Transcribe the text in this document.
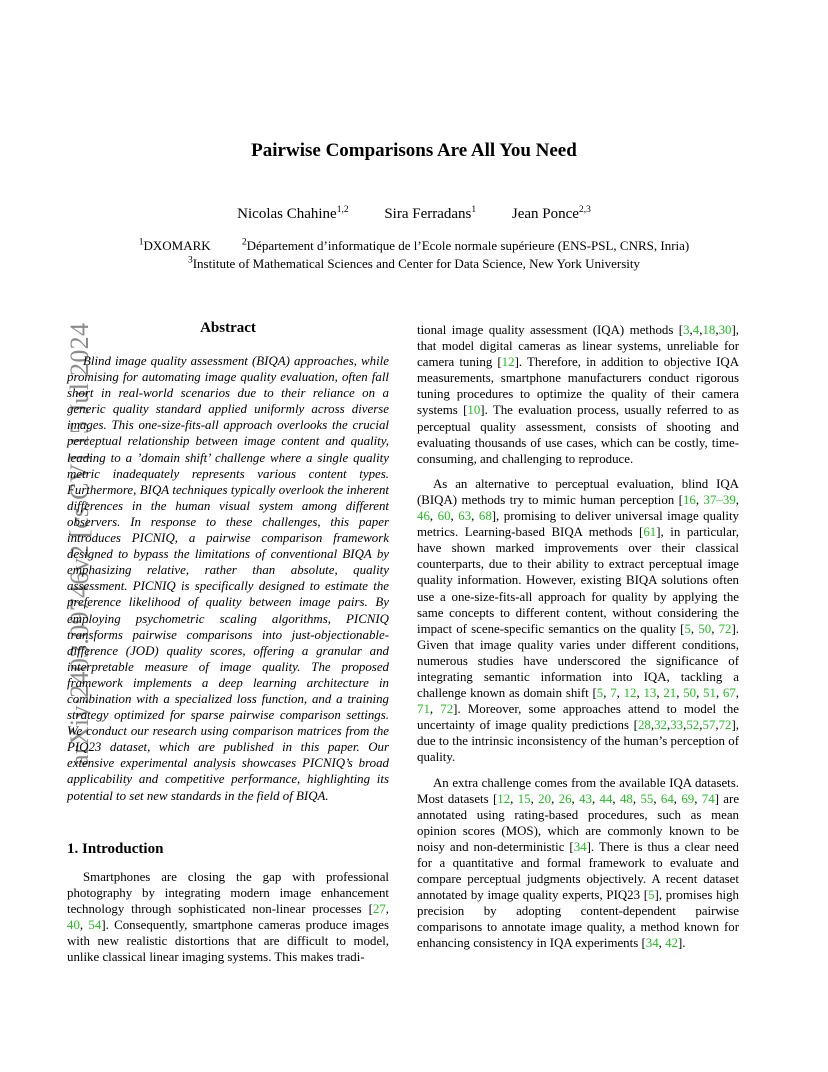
arXiv:2403.09746v2 [cs.CV] 15 Jul 2024
Pairwise Comparisons Are All You Need
Nicolas Chahine$^{1,2}$ Sira Ferradans$^1$ Jean Ponce$^{2,3}$
$^1$DXOMARK	$^2$Département d’informatique de l’Ecole normale supérieure (ENS-PSL, CNRS, Inria)
$^3$Institute of Mathematical Sciences and Center for Data Science, New York University
Abstract

Blind image quality assessment (BIQA) approaches, while promising for automating image quality evaluation, often fall short in real-world scenarios due to their reliance on a generic quality standard applied uniformly across diverse images. This one-size-fits-all approach overlooks the crucial perceptual relationship between image content and quality, leading to a ’domain shift’ challenge where a single quality metric inadequately represents various content types. Furthermore, BIQA techniques typically overlook the inherent differences in the human visual system among different observers. In response to these challenges, this paper introduces PICNIQ, a pairwise comparison framework designed to bypass the limitations of conventional BIQA by emphasizing relative, rather than absolute, quality assessment. PICNIQ is specifically designed to estimate the preference likelihood of quality between image pairs. By employing psychometric scaling algorithms, PICNIQ transforms pairwise comparisons into just-objectionable-difference (JOD) quality scores, offering a granular and interpretable measure of image quality. The proposed framework implements a deep learning architecture in combination with a specialized loss function, and a training strategy optimized for sparse pairwise comparison settings. We conduct our research using comparison matrices from the PIQ23 dataset, which are published in this paper. Our extensive experimental analysis showcases PICNIQ’s broad applicability and competitive performance, highlighting its potential to set new standards in the field of BIQA.

1. Introduction

Smartphones are closing the gap with professional photography by integrating modern image enhancement technology through sophisticated non-linear processes [27, 40, 54]. Consequently, smartphone cameras produce images with new realistic distortions that are difficult to model, unlike classical linear imaging systems. This makes tradi-

tional image quality assessment (IQA) methods [3,4,18,30], that model digital cameras as linear systems, unreliable for camera tuning [12]. Therefore, in addition to objective IQA measurements, smartphone manufacturers conduct rigorous tuning procedures to optimize the quality of their camera systems [10]. The evaluation process, usually referred to as perceptual quality assessment, consists of shooting and evaluating thousands of use cases, which can be costly, time-consuming, and challenging to reproduce.

As an alternative to perceptual evaluation, blind IQA (BIQA) methods try to mimic human perception [16, 37–39, 46, 60, 63, 68], promising to deliver universal image quality metrics. Learning-based BIQA methods [61], in particular, have shown marked improvements over their classical counterparts, due to their ability to extract perceptual image quality information. However, existing BIQA solutions often use a one-size-fits-all approach for quality by applying the same concepts to different content, without considering the impact of scene-specific semantics on the quality [5, 50, 72]. Given that image quality varies under different conditions, numerous studies have underscored the significance of integrating semantic information into IQA, tackling a challenge known as domain shift [5, 7, 12, 13, 21, 50, 51, 67, 71, 72]. Moreover, some approaches attend to model the uncertainty of image quality predictions [28,32,33,52,57,72], due to the intrinsic inconsistency of the human’s perception of quality.

An extra challenge comes from the available IQA datasets. Most datasets [12, 15, 20, 26, 43, 44, 48, 55, 64, 69, 74] are annotated using rating-based procedures, such as mean opinion scores (MOS), which are commonly known to be noisy and non-deterministic [34]. There is thus a clear need for a quantitative and formal framework to evaluate and compare perceptual judgments objectively. A recent dataset annotated by image quality experts, PIQ23 [5], promises high precision by adopting content-dependent pairwise comparisons to annotate image quality, a method known for enhancing consistency in IQA experiments [34, 42].
